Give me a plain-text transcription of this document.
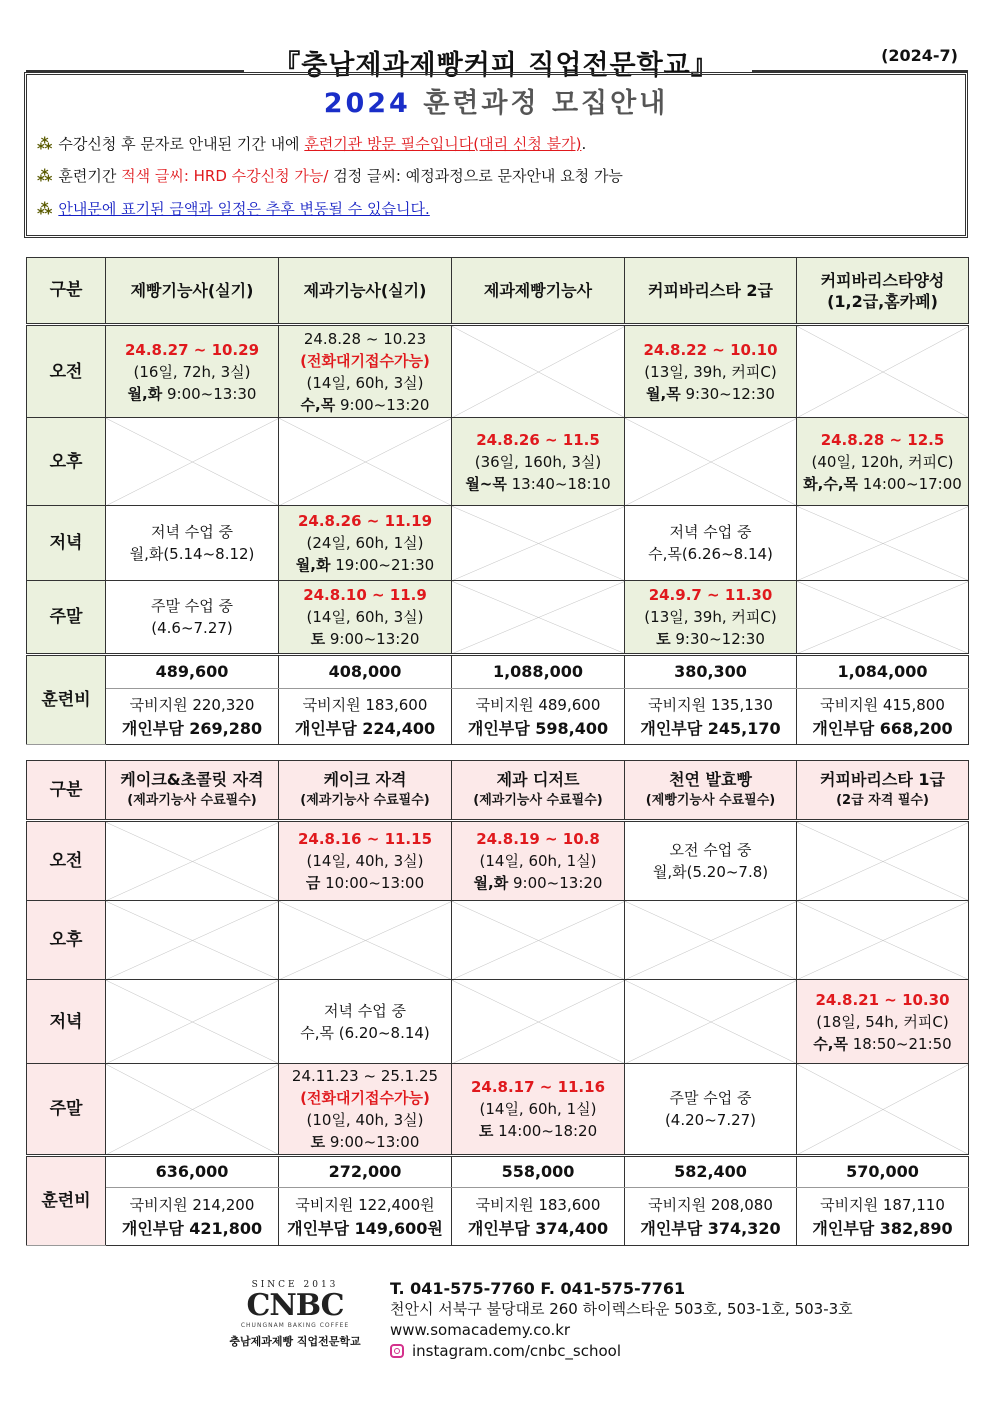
『충남제과제빵커피 직업전문학교』	(2024-7)
2024 훈련과정 모집안내
⁂ 수강신청 후 문자로 안내된 기간 내에 훈련기관 방문 필수입니다(대리 신청 불가).
⁂ 훈련기간 적색 글씨: HRD 수강신청 가능/ 검정 글씨: 예정과정으로 문자안내 요청 가능
⁂ 안내문에 표기된 금액과 일정은 추후 변동될 수 있습니다.
구분	제빵기능사(실기)	제과기능사(실기)	제과제빵기능사	커피바리스타 2급	커피바리스타양성 (1,2급,홈카페)
오전	24.8.27 ~ 10.29
(16일, 72h, 3실)
월,화 9:00~13:30	24.8.28 ~ 10.23
(전화대기접수가능)
(14일, 60h, 3실)
수,목 9:00~13:20		24.8.22 ~ 10.10
(13일, 39h, 커피C)
월,목 9:30~12:30	

오후			24.8.26 ~ 11.5
(36일, 160h, 3실)
월~목 13:40~18:10		24.8.28 ~ 12.5
(40일, 120h, 커피C)
화,수,목 14:00~17:00

저녁	저녁 수업 중
월,화(5.14~8.12)	24.8.26 ~ 11.19
(24일, 60h, 1실)
월,화 19:00~21:30		저녁 수업 중
수,목(6.26~8.14)	

주말	주말 수업 중
(4.6~7.27)	24.8.10 ~ 11.9
(14일, 60h, 3실)
토 9:00~13:20		24.9.7 ~ 11.30
(13일, 39h, 커피C)
토 9:30~12:30	

훈련비	489,600	408,000	1,088,000	380,300	1,084,000

	국비지원 220,320
개인부담 269,280	국비지원 183,600
개인부담 224,400	국비지원 489,600
개인부담 598,400	국비지원 135,130
개인부담 245,170	국비지원 415,800
개인부담 668,200
구분	케이크&초콜릿 자격
(제과기능사 수료필수)	케이크 자격
(제과기능사 수료필수)	제과 디저트
(제과기능사 수료필수)	천연 발효빵
(제빵기능사 수료필수)	커피바리스타 1급
(2급 자격 필수)

오전		24.8.16 ~ 11.15
(14일, 40h, 3실)
금 10:00~13:00	24.8.19 ~ 10.8
(14일, 60h, 1실)
월,화 9:00~13:20	오전 수업 중
월,화(5.20~7.8)	

오후					
저녁		저녁 수업 중
수,목 (6.20~8.14)			24.8.21 ~ 10.30
(18일, 54h, 커피C)
수,목 18:50~21:50

주말		24.11.23 ~ 25.1.25
(전화대기접수가능)
(10일, 40h, 3실)
토 9:00~13:00	24.8.17 ~ 11.16
(14일, 60h, 1실)
토 14:00~18:20	주말 수업 중
(4.20~7.27)	

훈련비	636,000	272,000	558,000	582,400	570,000

	국비지원 214,200
개인부담 421,800	국비지원 122,400원
개인부담 149,600원	국비지원 183,600
개인부담 374,400	국비지원 208,080
개인부담 374,320	국비지원 187,110
개인부담 382,890
SINCE 2013
CNBC
CHUNGNAM BAKING COFFEE
충남제과제빵 직업전문학교
T. 041-575-7760 F. 041-575-7761
천안시 서북구 불당대로 260 하이렉스타운 503호, 503-1호, 503-3호
www.somacademy.co.kr
instagram.com/cnbc_school
